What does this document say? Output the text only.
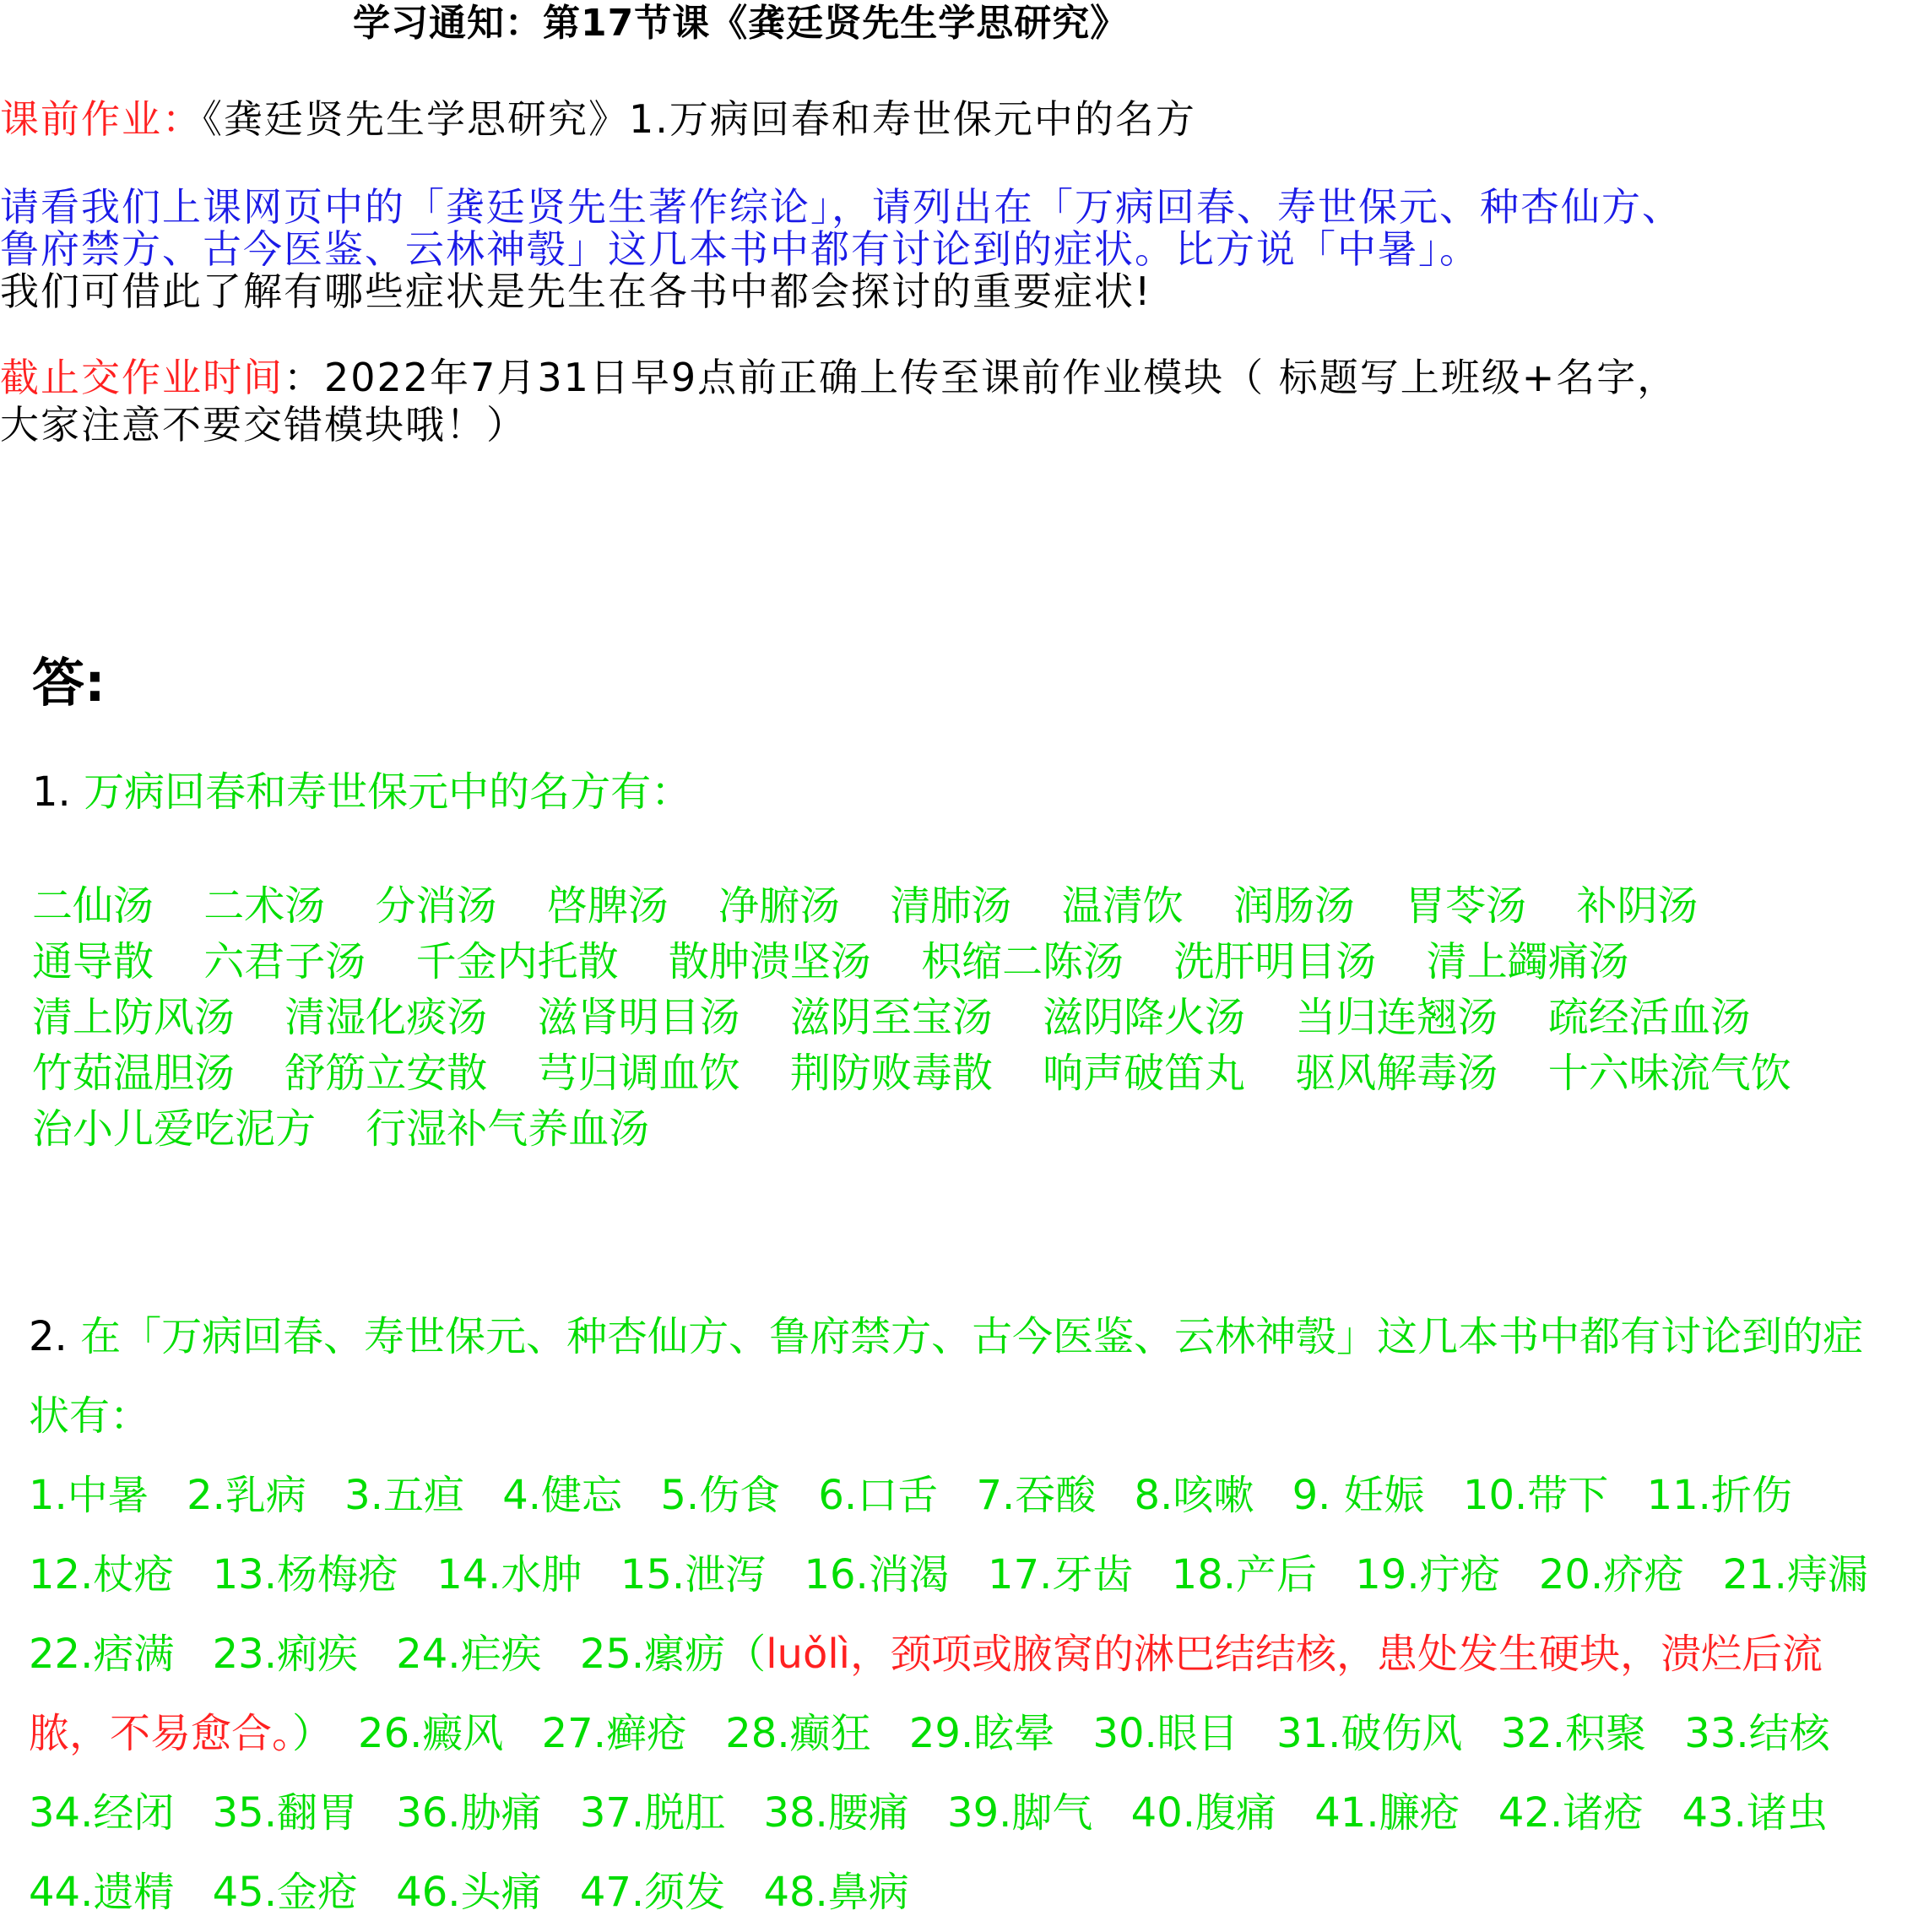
学习通知：第17节课《龚廷贤先生学思研究》
课前作业：《龚廷贤先生学思研究》1.万病回春和寿世保元中的名方
请看我们上课网页中的「龚廷贤先生著作综论」，请列出在「万病回春、寿世保元、种杏仙方、
鲁府禁方、古今医鉴、云林神彀」这几本书中都有讨论到的症状。比方说「中暑」。
我们可借此了解有哪些症状是先生在各书中都会探讨的重要症状!
截止交作业时间：2022年7月31日早9点前正确上传至课前作业模块（ 标题写上班级+名字，
大家注意不要交错模块哦！）
答:
1. 万病回春和寿世保元中的名方有：
二仙汤 二术汤 分消汤 啓脾汤 净腑汤 清肺汤 温清饮 润肠汤 胃苓汤 补阴汤 通导散 六君子汤 千金内托散 散肿溃坚汤 枳缩二陈汤 洗肝明目汤 清上蠲痛汤 清上防风汤 清湿化痰汤 滋肾明目汤 滋阴至宝汤 滋阴降火汤 当归连翘汤 疏经活血汤 竹茹温胆汤 舒筋立安散 芎归调血饮 荆防败毒散 响声破笛丸 驱风解毒汤 十六味流气饮 治小儿爱吃泥方 行湿补气养血汤
2. 在「万病回春、寿世保元、种杏仙方、鲁府禁方、古今医鉴、云林神彀」这几本书中都有讨论到的症状有：
1.中暑 2.乳病 3.五疸 4.健忘 5.伤食 6.口舌 7.吞酸 8.咳嗽 9. 妊娠 10.带下 11.折伤 12.杖疮 13.杨梅疮 14.水肿 15.泄泻 16.消渴 17.牙齿 18.产后 19.疔疮 20.疥疮 21.痔漏 22.痞满 23.痢疾 24.疟疾 25.瘰疬（luǒlì，颈项或腋窝的淋巴结结核，患处发生硬块，溃烂后流脓，不易愈合。） 26.癜风 27.癣疮 28.癫狂 29.眩晕 30.眼目 31.破伤风 32.积聚 33.结核 34.经闭 35.翻胃 36.胁痛 37.脱肛 38.腰痛 39.脚气 40.腹痛 41.臁疮 42.诸疮 43.诸虫 44.遗精 45.金疮 46.头痛 47.须发 48.鼻病
